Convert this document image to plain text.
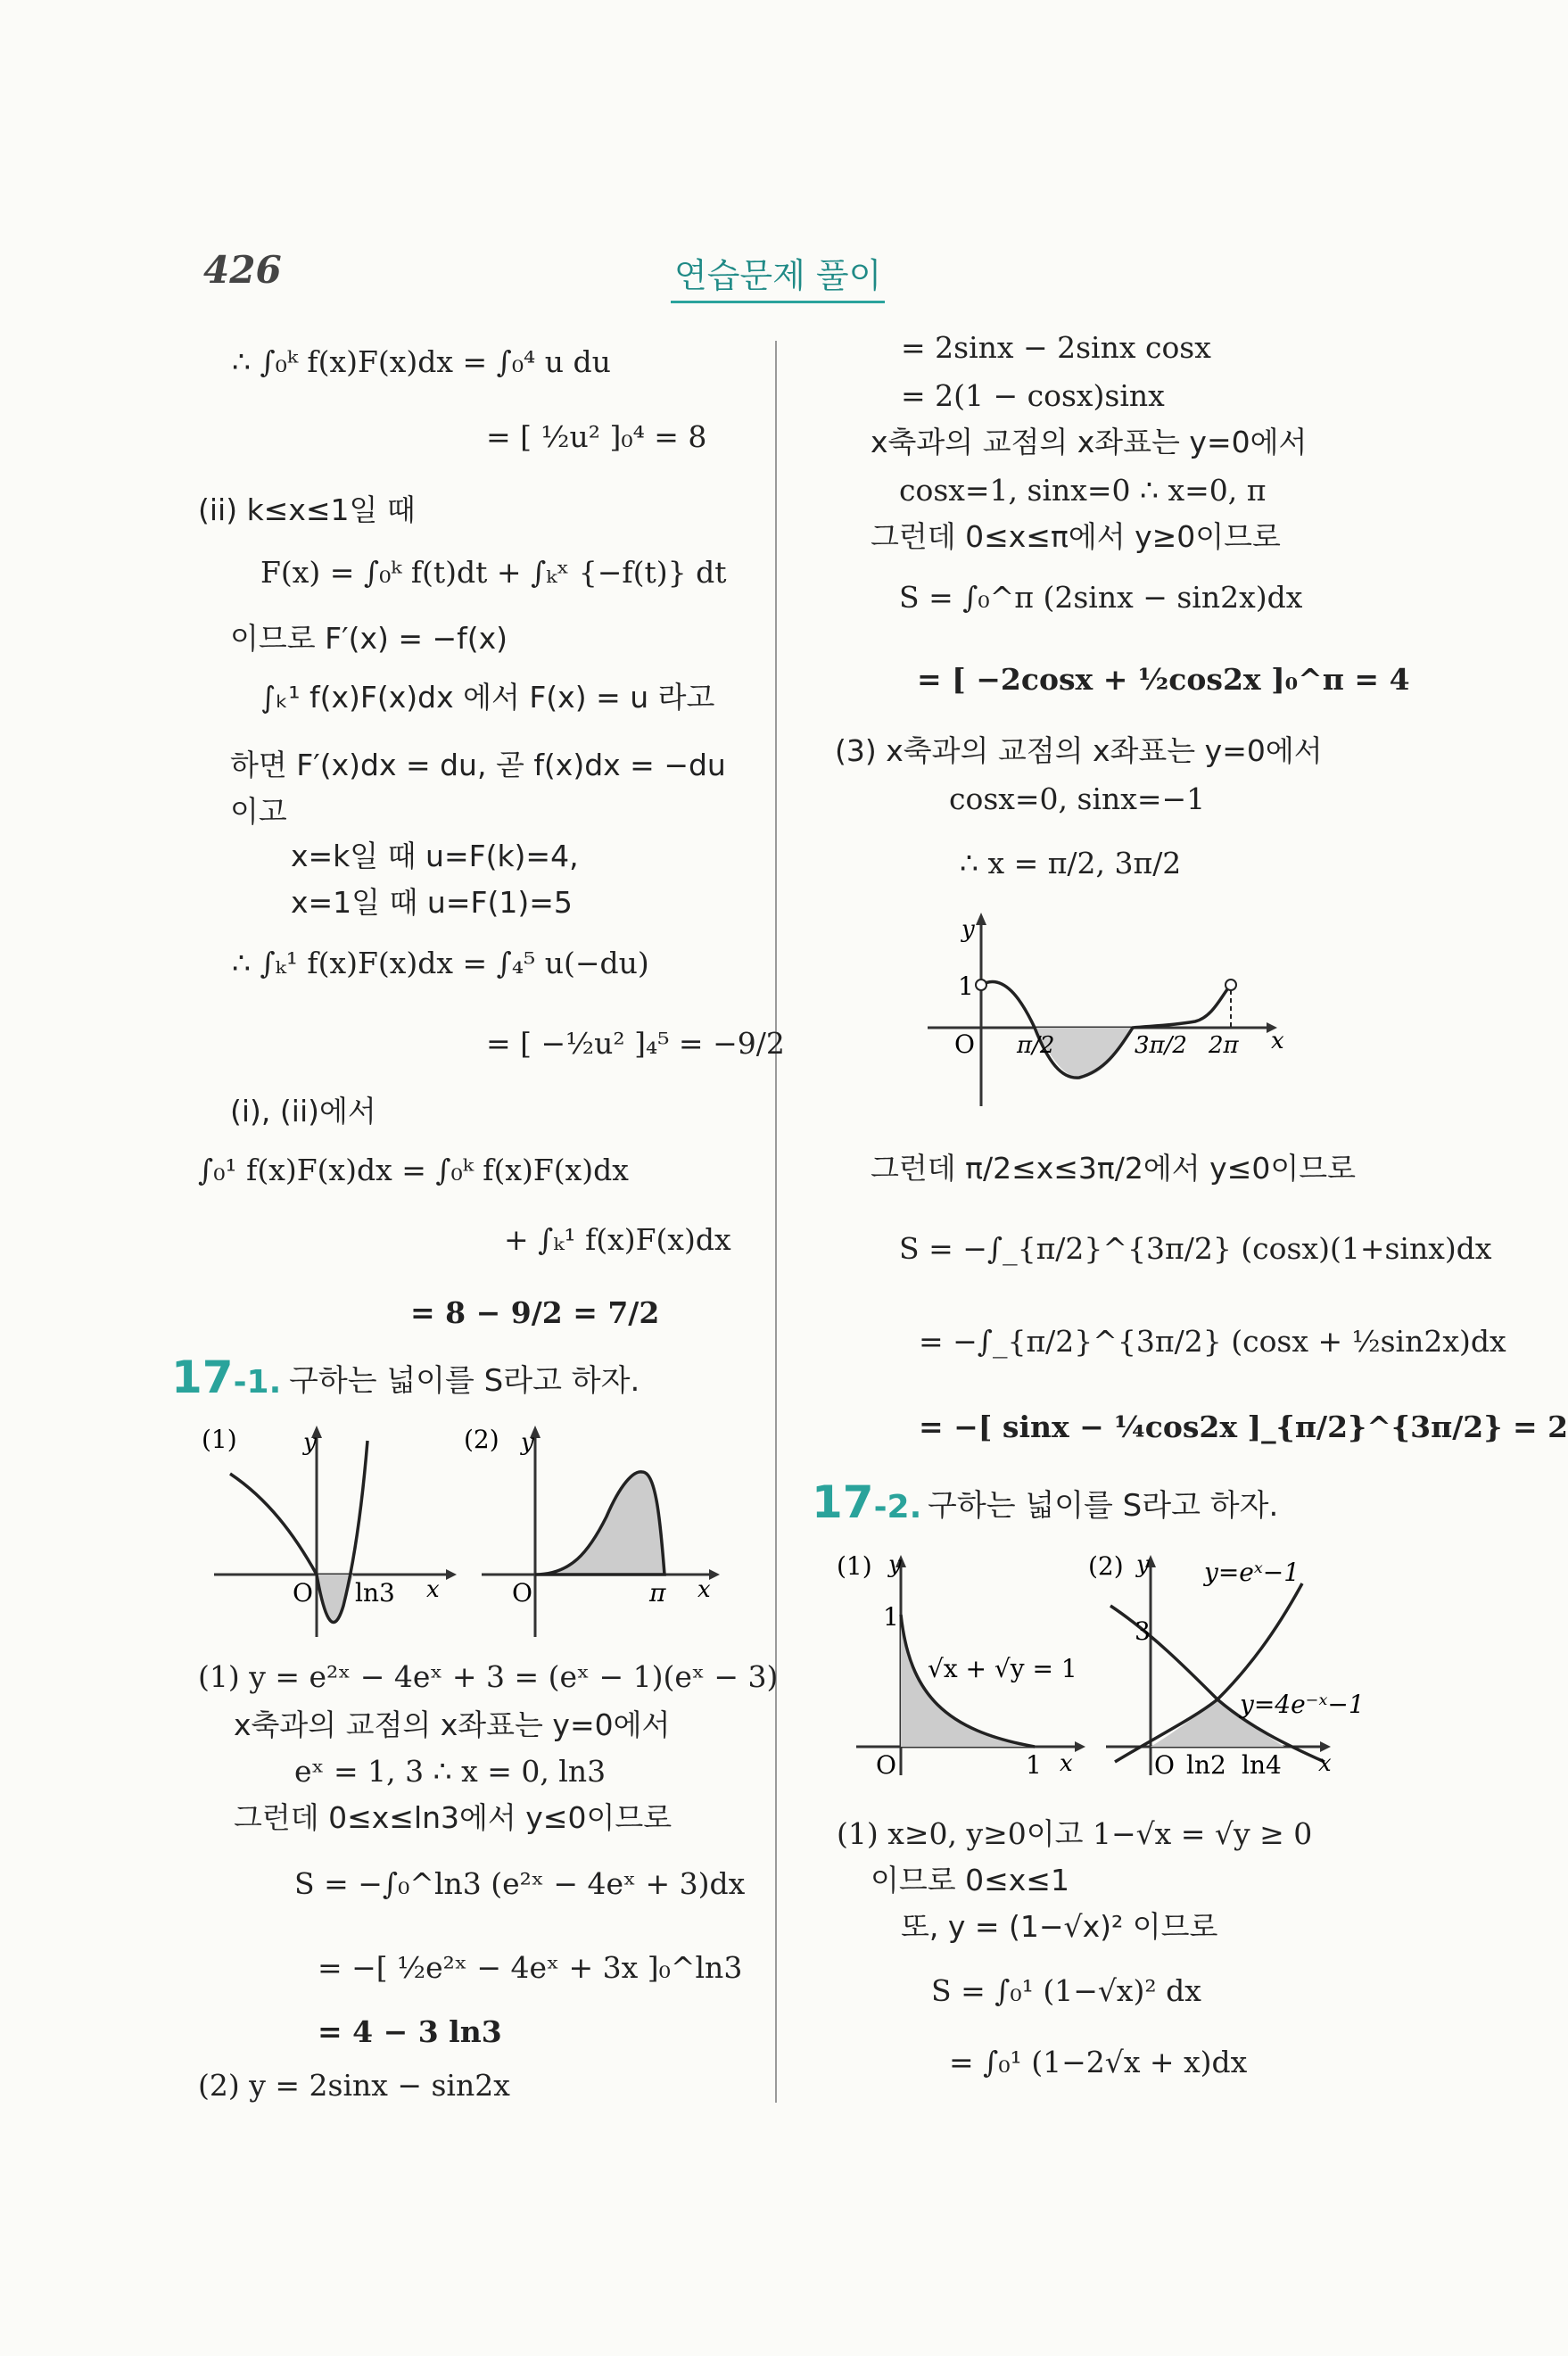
426	연습문제 풀이
∴ ∫₀ᵏ f(x)F(x)dx = ∫₀⁴ u du
= [ ½u² ]₀⁴ = 8
(ii) k≤x≤1일 때
F(x) = ∫₀ᵏ f(t)dt + ∫ₖˣ {−f(t)} dt
이므로 F′(x) = −f(x)
∫ₖ¹ f(x)F(x)dx 에서 F(x) = u 라고
하면 F′(x)dx = du, 곧 f(x)dx = −du
이고
x=k일 때 u=F(k)=4,
x=1일 때 u=F(1)=5
∴ ∫ₖ¹ f(x)F(x)dx = ∫₄⁵ u(−du)
= [ −½u² ]₄⁵ = −9/2
(i), (ii)에서
∫₀¹ f(x)F(x)dx = ∫₀ᵏ f(x)F(x)dx
+ ∫ₖ¹ f(x)F(x)dx
= 8 − 9/2 = 7/2
17-1. 구하는 넓이를 S라고 하자.
(1)	y
x
O ln3
(2) y
x
O	π
(1) y = e²ˣ − 4eˣ + 3 = (eˣ − 1)(eˣ − 3)
x축과의 교점의 x좌표는 y=0에서
eˣ = 1, 3 ∴ x = 0, ln3
그런데 0≤x≤ln3에서 y≤0이므로
S = −∫₀^ln3 (e²ˣ − 4eˣ + 3)dx
= −[ ½e²ˣ − 4eˣ + 3x ]₀^ln3
= 4 − 3 ln3
(2) y = 2sinx − sin2x
= 2sinx − 2sinx cosx
= 2(1 − cosx)sinx
x축과의 교점의 x좌표는 y=0에서
cosx=1, sinx=0 ∴ x=0, π
그런데 0≤x≤π에서 y≥0이므로
S = ∫₀^π (2sinx − sin2x)dx
= [ −2cosx + ½cos2x ]₀^π = 4
(3) x축과의 교점의 x좌표는 y=0에서
cosx=0, sinx=−1
∴ x = π/2, 3π/2
y
x
O
1
π/2	3π/2 2π
그런데 π/2≤x≤3π/2에서 y≤0이므로
S = −∫_{π/2}^{3π/2} (cosx)(1+sinx)dx
= −∫_{π/2}^{3π/2} (cosx + ½sin2x)dx
= −[ sinx − ¼cos2x ]_{π/2}^{3π/2} = 2
17-2. 구하는 넓이를 S라고 하자.
(1) y
x
O
1
1
√x + √y = 1
(2) y
x
O
3
ln2 ln4
y=eˣ−1
y=4e⁻ˣ−1
(1) x≥0, y≥0이고 1−√x = √y ≥ 0
이므로 0≤x≤1
또, y = (1−√x)² 이므로
S = ∫₀¹ (1−√x)² dx
= ∫₀¹ (1−2√x + x)dx
